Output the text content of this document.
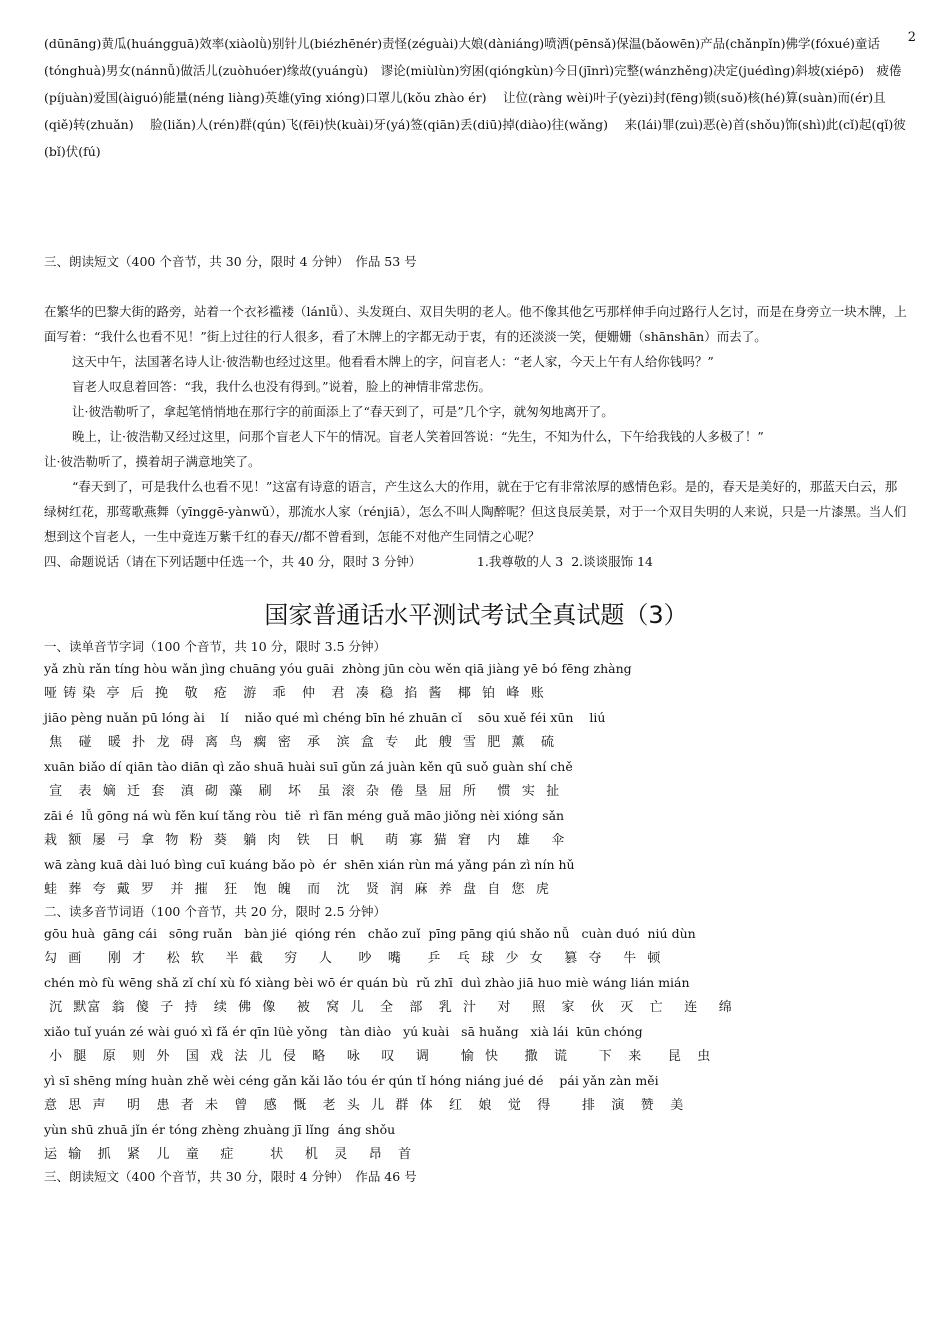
(dūnāng)黄瓜(huángguā)效率(xiàolǜ)别针儿(biézhēnér)责怪(zéguài)大娘(dàniáng)喷洒(pēnsǎ)保温(bǎowēn)产品(chǎnpǐn)佛学(fóxué)童话(tónghuà)男女(nánnǚ)做活儿(zuòhuóer)缘故(yuángù)　谬论(miùlùn)穷困(qióngkùn)今日(jīnrì)完整(wánzhěng)决定(juédìng)斜坡(xiépō)　疲倦(píjuàn)爱国(àiguó)能量(néng liàng)英雄(yīng xióng)口罩儿(kǒu zhào ér)　 让位(ràng wèi)叶子(yèzi)封(fēng)锁(suǒ)核(hé)算(suàn)而(ér)且(qiě)转(zhuǎn)　 脸(liǎn)人(rén)群(qún)飞(fēi)快(kuài)牙(yá)签(qiān)丢(diū)掉(diào)往(wǎng)　 来(lái)罪(zuì)恶(è)首(shǒu)饰(shì)此(cǐ)起(qǐ)彼(bǐ)伏(fú)
2

三、朗读短文（400 个音节，共 30 分，限时 4 分钟）　作品 53 号

在繁华的巴黎大街的路旁，站着一个衣衫褴褛（lánlǚ）、头发斑白、双目失明的老人。他不像其他乞丐那样伸手向过路行人乞讨，而是在身旁立一块木牌，上面写着：“我什么也看不见！”街上过往的行人很多，看了木牌上的字都无动于衷，有的还淡淡一笑，便姗姗（shānshān）而去了。

这天中午，法国著名诗人让·彼浩勒也经过这里。他看看木牌上的字，问盲老人：“老人家，今天上午有人给你钱吗？”

盲老人叹息着回答：“我，我什么也没有得到。”说着，脸上的神情非常悲伤。

让·彼浩勒听了，拿起笔悄悄地在那行字的前面添上了“春天到了，可是”几个字，就匆匆地离开了。

晚上，让·彼浩勒又经过这里，问那个盲老人下午的情况。盲老人笑着回答说：“先生，不知为什么，下午给我钱的人多极了！”

让·彼浩勒听了，摸着胡子满意地笑了。

“春天到了，可是我什么也看不见！”这富有诗意的语言，产生这么大的作用，就在于它有非常浓厚的感情色彩。是的，春天是美好的，那蓝天白云，那绿树红花，那莺歌燕舞（yīnggē-yànwǔ），那流水人家（rénjiā），怎么不叫人陶醉呢？但这良辰美景，对于一个双目失明的人来说，只是一片漆黑。当人们想到这个盲老人，一生中竟连万紫千红的春天//都不曾看到，怎能不对他产生同情之心呢？

四、命题说话（请在下列话题中任选一个，共 40 分，限时 3 分钟）	1.我尊敬的人 3  2.谈谈服饰 14

国家普通话水平测试考试全真试题（3）

一、读单音节字词（100 个音节，共 10 分，限时 3.5 分钟）

yǎ zhù rǎn tíng hòu wǎn jìng chuāng yóu guāi  zhòng jūn còu wěn qiā jiàng yē bó fēng zhàng

哑 铸 染  亭  后  挽   敬   疮   游   乖   仲   君  凑  稳  掐  酱   椰  铂  峰  账

jiāo pèng nuǎn pū lóng ài    lí    niǎo qué mì chéng bīn hé zhuān cǐ    sōu xuě féi xūn    liú

焦   碰   暖  扑  龙  碍  离  鸟  瘸  密   承   滨  盒  专   此  艘  雪  肥  薰   硫

xuān biǎo dí qiān tào diān qì zǎo shuā huài suī gǔn zá juàn kěn qū suǒ guàn shí chě

宣   表  嫡  迁  套   滇  砌  藻   刷   坏   虽  滚  杂  倦  垦  屈  所    惯  实  扯

zāi é  lǚ gōng ná wù fěn kuí tǎng ròu  tiě  rì fān méng guǎ māo jiǒng nèi xióng sǎn

栽  额  屡  弓  拿  物  粉  葵   躺  肉   铁   日  帆    萌  寡  猫  窘   内   雄    伞

wā zàng kuā dài luó bìng cuī kuáng bǎo pò  ér  shēn xián rùn má yǎng pán zì nín hǔ

蛙  葬  夸  戴  罗   并  摧   狂   饱  魄   而   沈   贤  润  麻  养  盘  自  您  虎

二、读多音节词语（100 个音节，共 20 分，限时 2.5 分钟）

gōu huà  gāng cái   sōng ruǎn   bàn jié  qióng rén   chǎo zuǐ  pīng pāng qiú shǎo nǚ   cuàn duó  niú dùn

勾  画     刚  才    松  软    半  截    穷    人     吵   嘴     乒   乓  球  少  女    篡  夺    牛  顿

chén mò fù wēng shǎ zǐ chí xù fó xiàng bèi wō ér quán bù  rǔ zhī  duì zhào jiā huo miè wáng lián mián

沉  默富  翁  傻  子  持   续  佛  像    被   窝  儿   全   部   乳  汁    对    照   家   伙   灭   亡    连    绵

xiǎo tuǐ yuán zé wài guó xì fǎ ér qīn lüè yǒng   tàn diào   yú kuài   sā huǎng   xià lái  kūn chóng

小  腿   原   则  外   国  戏  法  儿  侵   略    咏    叹    调      愉  快     撒   谎      下   来     昆   虫

yì sī shēng míng huàn zhě wèi céng gǎn kǎi lǎo tóu ér qún tǐ hóng niáng jué dé    pái yǎn zàn měi

意  思  声    明   患  者  未   曾   感   慨   老  头  儿  群  体   红   娘   觉   得      排   演   赞   美

yùn shū zhuā jǐn ér tóng zhèng zhuàng jī lǐng  áng shǒu

运  输   抓   紧   儿   童    症       状    机   灵    昂   首

三、朗读短文（400 个音节，共 30 分，限时 4 分钟）　作品 46 号
